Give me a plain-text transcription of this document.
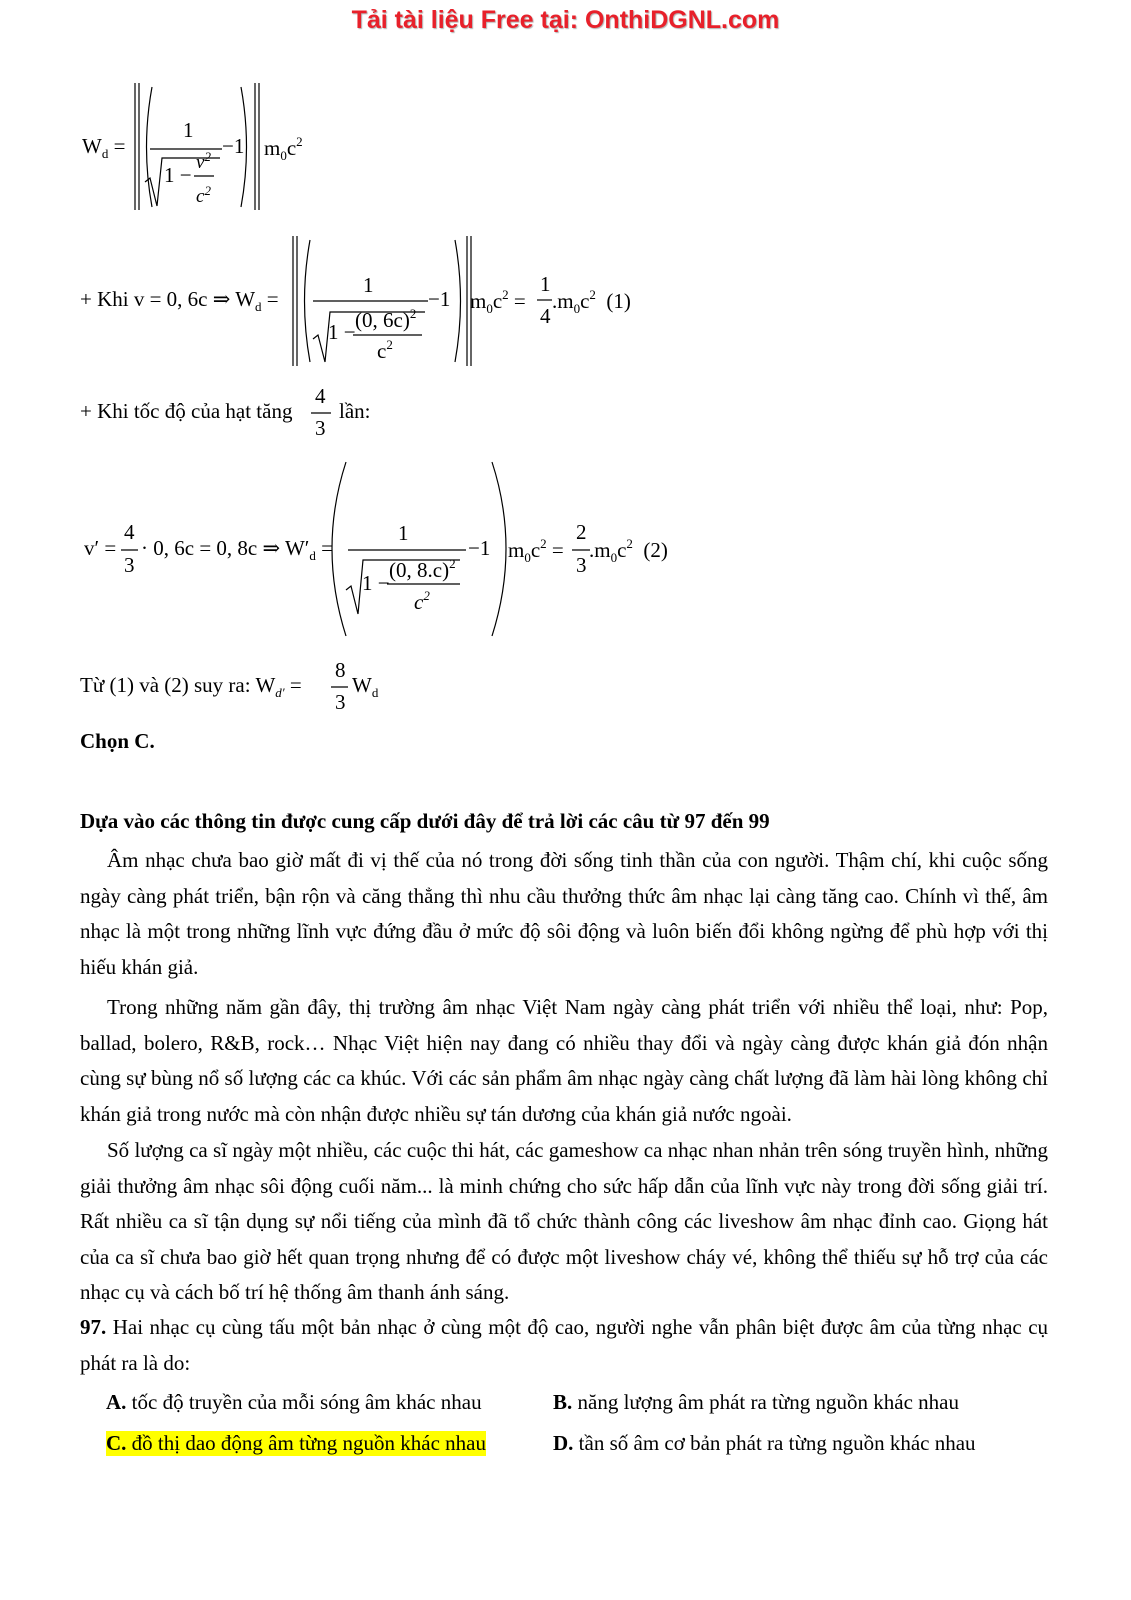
Tải tài liệu Free tại: OnthiDGNL.com
$W_d$ =
1
1 −
$v^2$
$c^2$
−1 $m_0c^2$
+ Khi v = 0, 6c ⇒ $W_d$ =
1
1 − (0, 6c)$^2$
$c^2$
−1 $m_0c^2$ =
1
4
$.m_0c^2$ (1)
+ Khi tốc độ của hạt tăng
4
3
lần:
v′ =
4
3
· 0, 6c = 0, 8c ⇒ $W'_d$ =
1
1 −
(0, 8.c)$^2$
$c^2$
−1 $m_0c^2$ =
2
3
$.m_0c^2$ (2)
Từ (1) và (2) suy ra: $W_{d'}$ =
8
3
$W_d$
Chọn C.
Dựa vào các thông tin được cung cấp dưới đây để trả lời các câu từ 97 đến 99

Âm nhạc chưa bao giờ mất đi vị thế của nó trong đời sống tinh thần của con người. Thậm chí, khi cuộc sống ngày càng phát triển, bận rộn và căng thẳng thì nhu cầu thưởng thức âm nhạc lại càng tăng cao. Chính vì thế, âm nhạc là một trong những lĩnh vực đứng đầu ở mức độ sôi động và luôn biến đổi không ngừng để phù hợp với thị hiếu khán giả.

Trong những năm gần đây, thị trường âm nhạc Việt Nam ngày càng phát triển với nhiều thể loại, như: Pop, ballad, bolero, R&B, rock… Nhạc Việt hiện nay đang có nhiều thay đổi và ngày càng được khán giả đón nhận cùng sự bùng nổ số lượng các ca khúc. Với các sản phẩm âm nhạc ngày càng chất lượng đã làm hài lòng không chỉ khán giả trong nước mà còn nhận được nhiều sự tán dương của khán giả nước ngoài.

Số lượng ca sĩ ngày một nhiều, các cuộc thi hát, các gameshow ca nhạc nhan nhản trên sóng truyền hình, những giải thưởng âm nhạc sôi động cuối năm... là minh chứng cho sức hấp dẫn của lĩnh vực này trong đời sống giải trí. Rất nhiều ca sĩ tận dụng sự nổi tiếng của mình đã tổ chức thành công các liveshow âm nhạc đỉnh cao. Giọng hát của ca sĩ chưa bao giờ hết quan trọng nhưng để có được một liveshow cháy vé, không thể thiếu sự hỗ trợ của các nhạc cụ và cách bố trí hệ thống âm thanh ánh sáng.

97. Hai nhạc cụ cùng tấu một bản nhạc ở cùng một độ cao, người nghe vẫn phân biệt được âm của từng nhạc cụ phát ra là do:

A. tốc độ truyền của mỗi sóng âm khác nhau	B. năng lượng âm phát ra từng nguồn khác nhau
C. đồ thị dao động âm từng nguồn khác nhau	D. tần số âm cơ bản phát ra từng nguồn khác nhau
